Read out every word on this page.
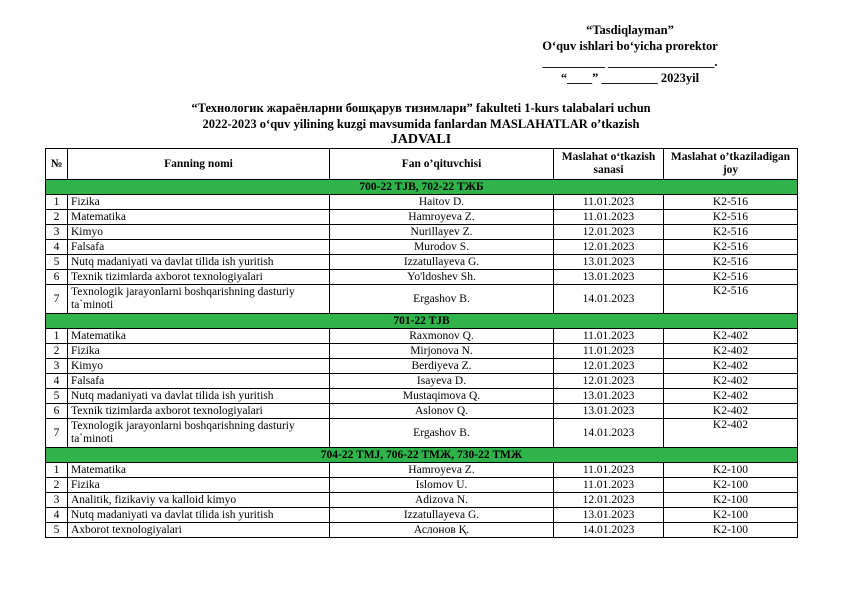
“Tasdiqlayman”
O‘quv ishlari bo‘yicha prorektor
__________ _________________.
“____” _________ 2023yil
“Технологик жараёнларни бошқарув тизимлари” fakulteti 1-kurs talabalari uchun
2022-2023 o‘quv yilining kuzgi mavsumida fanlardan MASLAHATLAR o’tkazish
JADVALI
№	Fanning nomi	Fan o’qituvchisi	Maslahat o‘tkazish sanasi	Maslahat o’tkaziladigan joy
700-22 TJB, 702-22 ТЖБ				
1	Fizika	Haitov D.	11.01.2023	K2-516
2	Matematika	Hamroyeva Z.	11.01.2023	K2-516
3	Kimyo	Nurillayev Z.	12.01.2023	K2-516
4	Falsafa	Murodov S.	12.01.2023	K2-516
5	Nutq madaniyati va davlat tilida ish yuritish	Izzatullayeva G.	13.01.2023	K2-516
6	Texnik tizimlarda axborot texnologiyalari	Yo'ldoshev Sh.	13.01.2023	K2-516
7	Texnologik jarayonlarni boshqarishning dasturiy ta`minoti	Ergashov B.	14.01.2023	K2-516
701-22 TJB				
1	Matematika	Raxmonov Q.	11.01.2023	K2-402
2	Fizika	Mirjonova N.	11.01.2023	K2-402
3	Kimyo	Berdiyeva Z.	12.01.2023	K2-402
4	Falsafa	Isayeva D.	12.01.2023	K2-402
5	Nutq madaniyati va davlat tilida ish yuritish	Mustaqimova Q.	13.01.2023	K2-402
6	Texnik tizimlarda axborot texnologiyalari	Aslonov Q.	13.01.2023	K2-402
7	Texnologik jarayonlarni boshqarishning dasturiy ta`minoti	Ergashov B.	14.01.2023	K2-402
704-22 TMJ, 706-22 ТМЖ, 730-22 ТМЖ				
1	Matematika	Hamroyeva Z.	11.01.2023	K2-100
2	Fizika	Islomov U.	11.01.2023	K2-100
3	Analitik, fizikaviy va kalloid kimyo	Adizova N.	12.01.2023	K2-100
4	Nutq madaniyati va davlat tilida ish yuritish	Izzatullayeva G.	13.01.2023	K2-100
5	Axborot texnologiyalari	Аслонов Қ.	14.01.2023	K2-100
